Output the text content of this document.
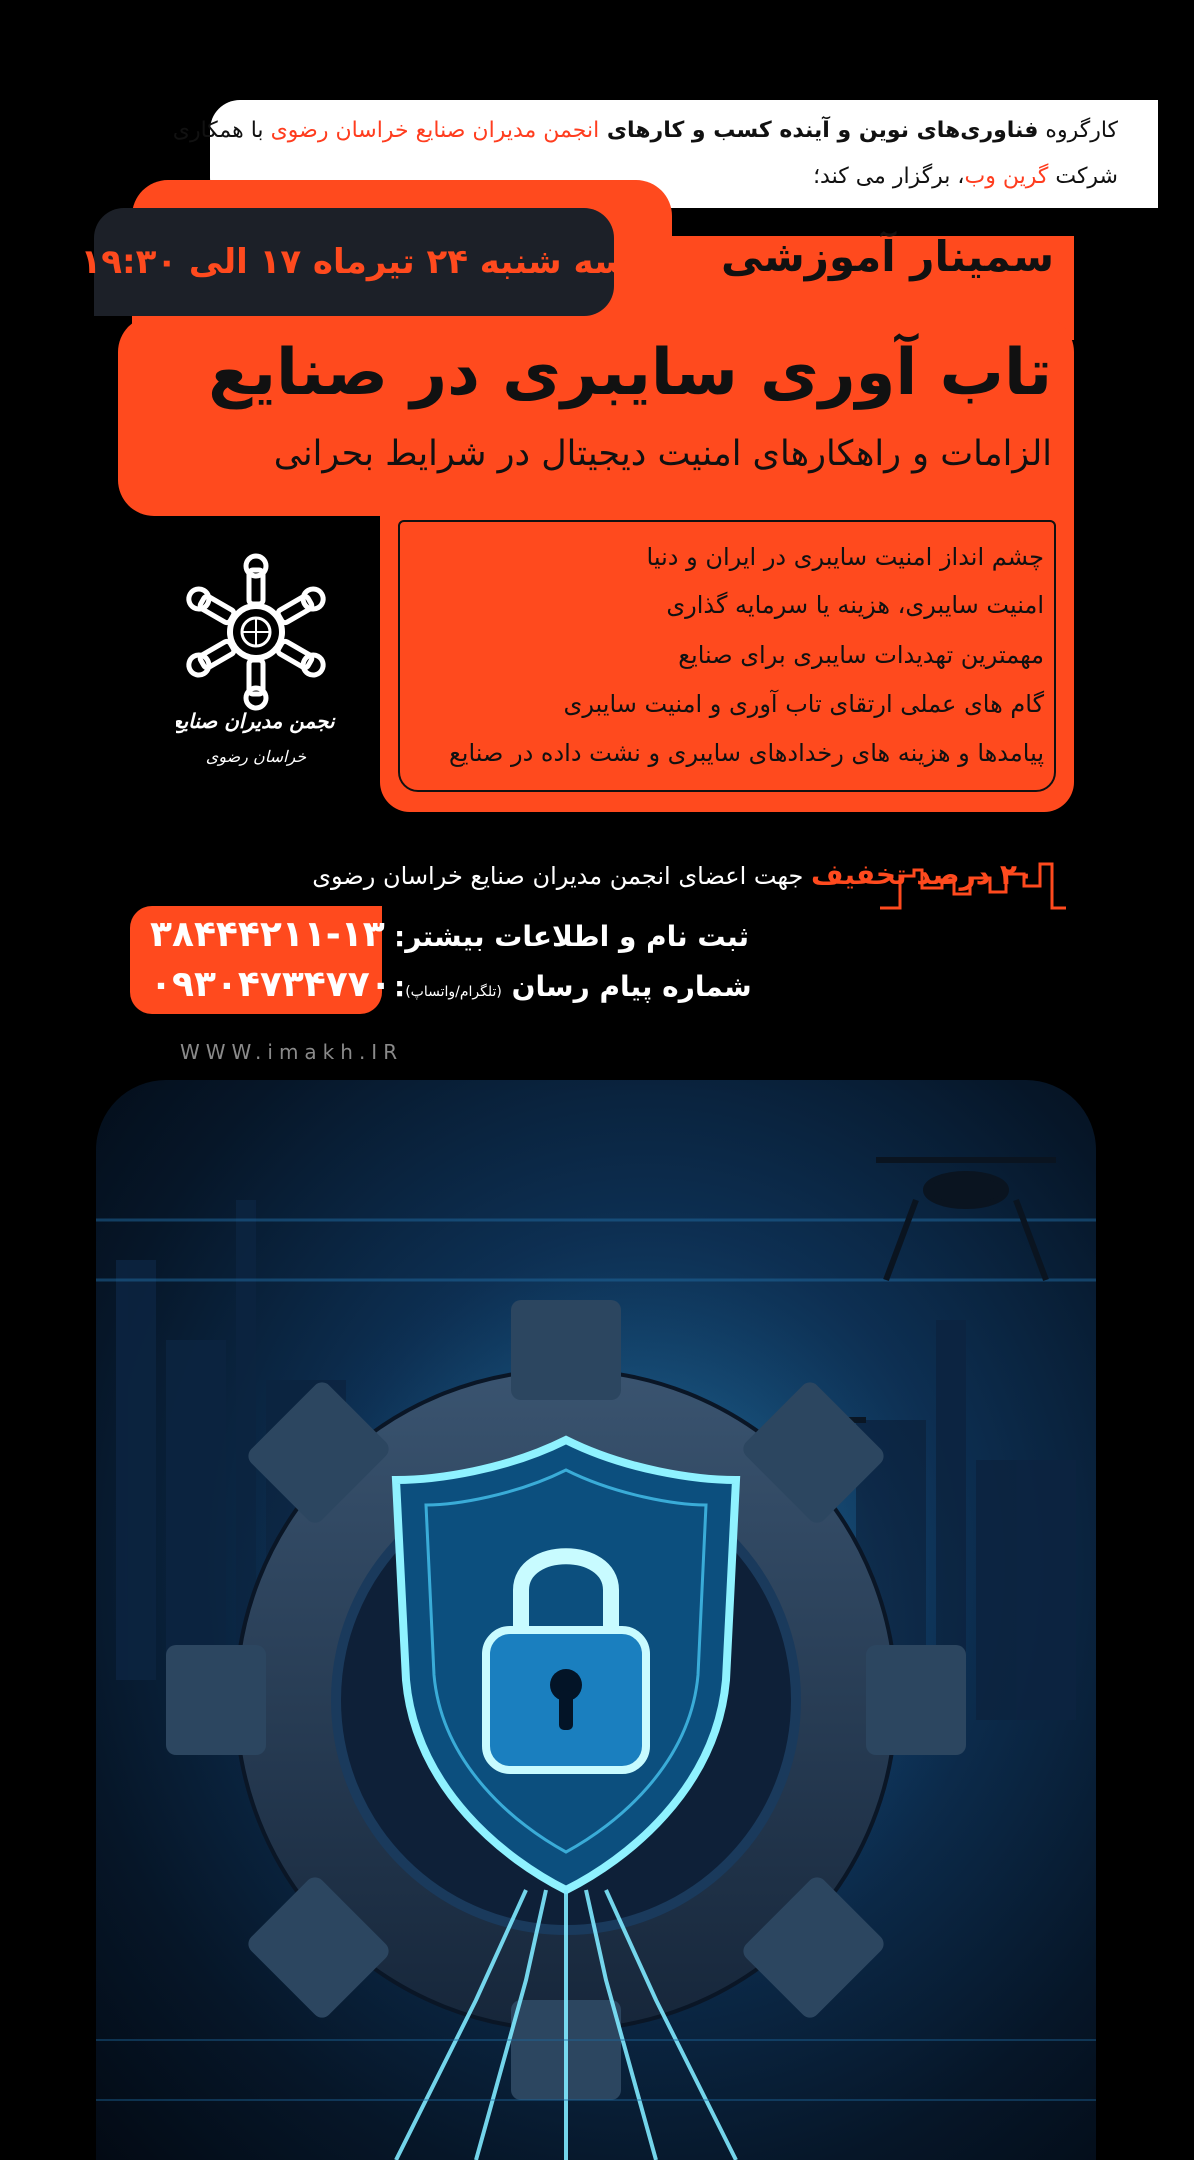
کارگروه فناوری‌های نوین و آینده کسب و کارهای انجمن مدیران صنایع خراسان رضوی با همکاری
شرکت گرین وب، برگزار می کند؛
سه شنبه ۲۴ تیرماه ۱۷ الی ۱۹:۳۰ سمینار آموزشی
تاب آوری سایبری در صنایع
الزامات و راهکارهای امنیت دیجیتال در شرایط بحرانی
چشم انداز امنیت سایبری در ایران و دنیا
امنیت سایبری، هزینه یا سرمایه گذاری
مهمترین تهدیدات سایبری برای صنایع
گام های عملی ارتقای تاب آوری و امنیت سایبری
پیامدها و هزینه های رخدادهای سایبری و نشت داده در صنایع
انجمن مدیران صنایع
خراسان رضوی
۲۰ درصد تخفیف جهت اعضای انجمن مدیران صنایع خراسان رضوی
۳۸۴۴۴۲۱۱-۱۳
۰۹۳۰۴۷۳۴۷۷۰
ثبت نام و اطلاعات بیشتر:
شماره پیام رسان (تلگرام/واتساپ):
WWW.imakh.IR
